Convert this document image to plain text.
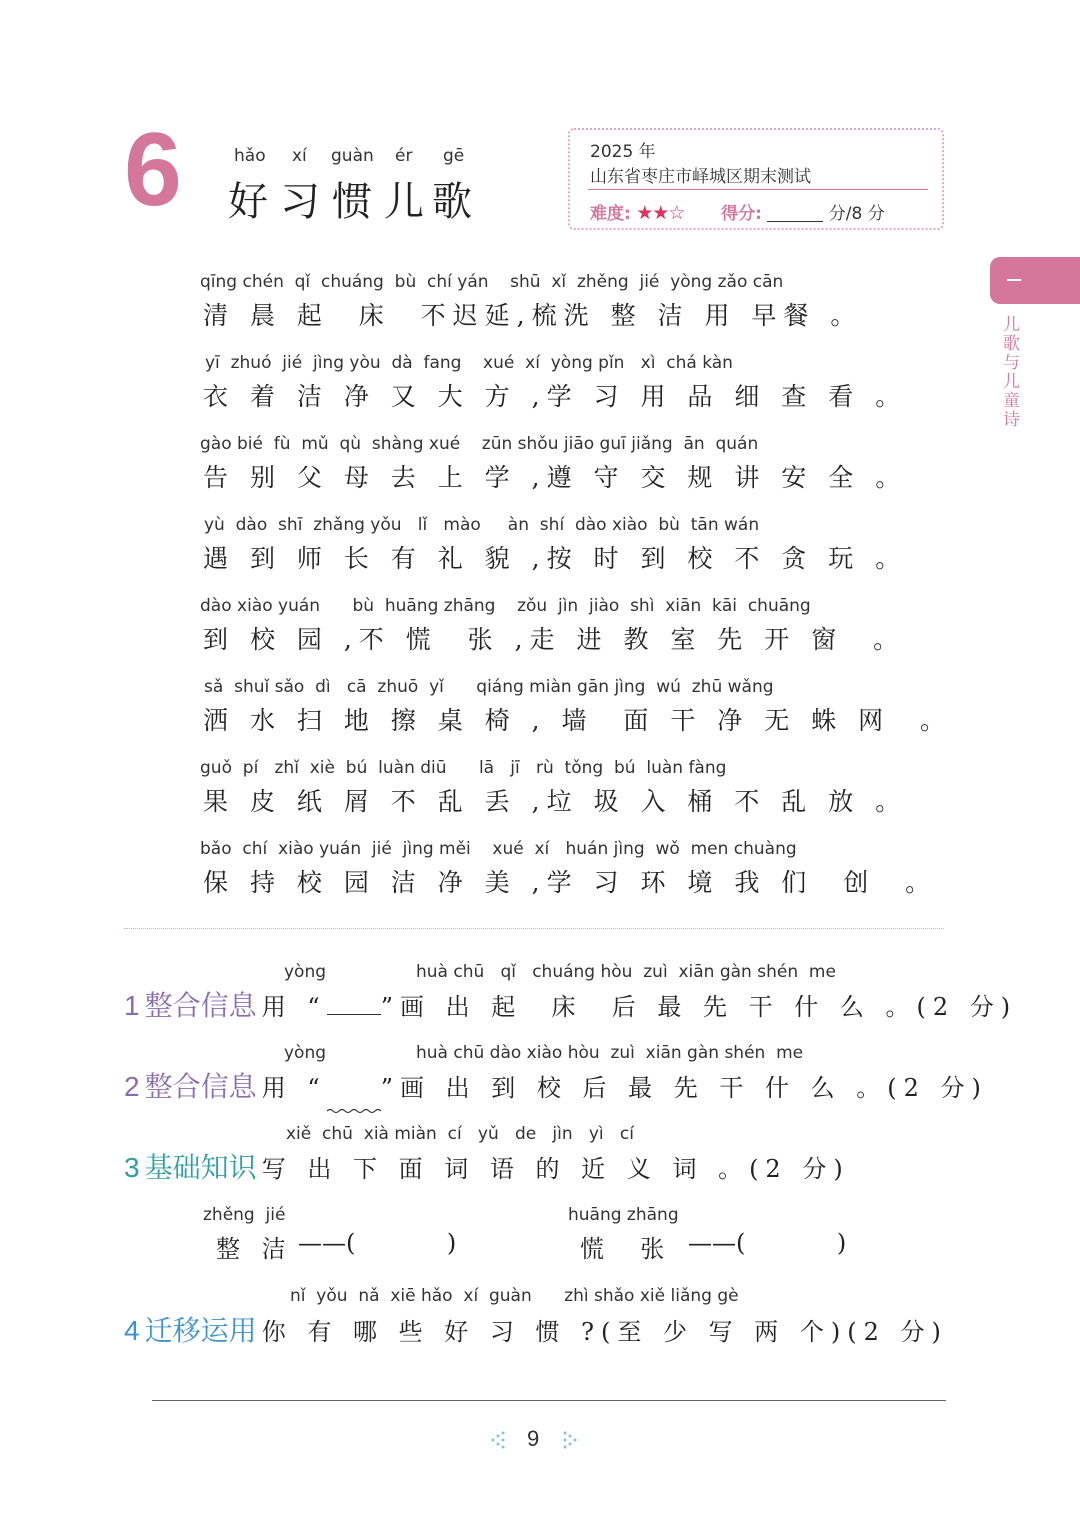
6	hǎo xí guàn ér gē
好 习 惯 儿 歌
2025 年
山东省枣庄市峄城区期末测试
难度: ★★☆ 得分:	分/8 分
儿歌与儿童诗
qīng chén  qǐ  chuáng  bù  chí yán    shū  xǐ  zhěng  jié  yòng zǎo cān
清 晨 起  床  不迟延,梳洗 整 洁 用 早餐 。
yī  zhuó  jié  jìng yòu  dà  fang    xué  xí  yòng pǐn   xì  chá kàn
衣 着 洁 净 又 大 方 ,学 习 用 品 细 查 看 。
gào bié  fù  mǔ  qù  shàng xué    zūn shǒu jiāo guī jiǎng  ān  quán
告 别 父 母 去 上 学 ,遵 守 交 规 讲 安 全 。
yù  dào  shī  zhǎng yǒu   lǐ   mào     àn  shí  dào xiào  bù  tān wán
遇 到 师 长 有 礼 貌 ,按 时 到 校 不 贪 玩 。
dào xiào yuán      bù  huāng zhāng    zǒu  jìn  jiào  shì  xiān  kāi  chuāng
到 校 园 ,不 慌  张 ,走 进 教 室 先 开 窗  。
sǎ  shuǐ sǎo  dì   cā  zhuō  yǐ      qiáng miàn gān jìng  wú  zhū wǎng
洒 水 扫 地 擦 桌 椅 , 墙  面 干 净 无 蛛 网  。
guǒ  pí   zhǐ  xiè  bú  luàn diū      lā   jī   rù  tǒng  bú  luàn fàng
果 皮 纸 屑 不 乱 丢 ,垃 圾 入 桶 不 乱 放 。
bǎo  chí  xiào yuán  jié  jìng měi    xué  xí   huán jìng  wǒ  men chuàng
保 持 校 园 洁 净 美 ,学 习 环 境 我 们  创  。
yòng	huà chū   qǐ   chuáng hòu  zuì  xiān gàn shén  me
1 整合信息 用 “ ”画 出 起  床  后 最 先 干 什 么 。(2 分)
yòng	huà chū dào xiào hòu  zuì  xiān gàn shén  me
2 整合信息 用 “ ”画 出 到 校 后 最 先 干 什 么 。(2 分)
xiě  chū  xià miàn  cí   yǔ   de   jìn   yì   cí
3 基础知识 写 出 下 面 词 语 的 近 义 词 。(2 分)
zhěng  jié
整 洁 ——(            )
huāng zhāng
慌  张 ——(            )
nǐ  yǒu  nǎ  xiē hǎo  xí  guàn      zhì shǎo xiě liǎng gè
4 迁移运用 你 有 哪 些 好 习 惯 ?(至 少 写 两 个)(2 分)
9
